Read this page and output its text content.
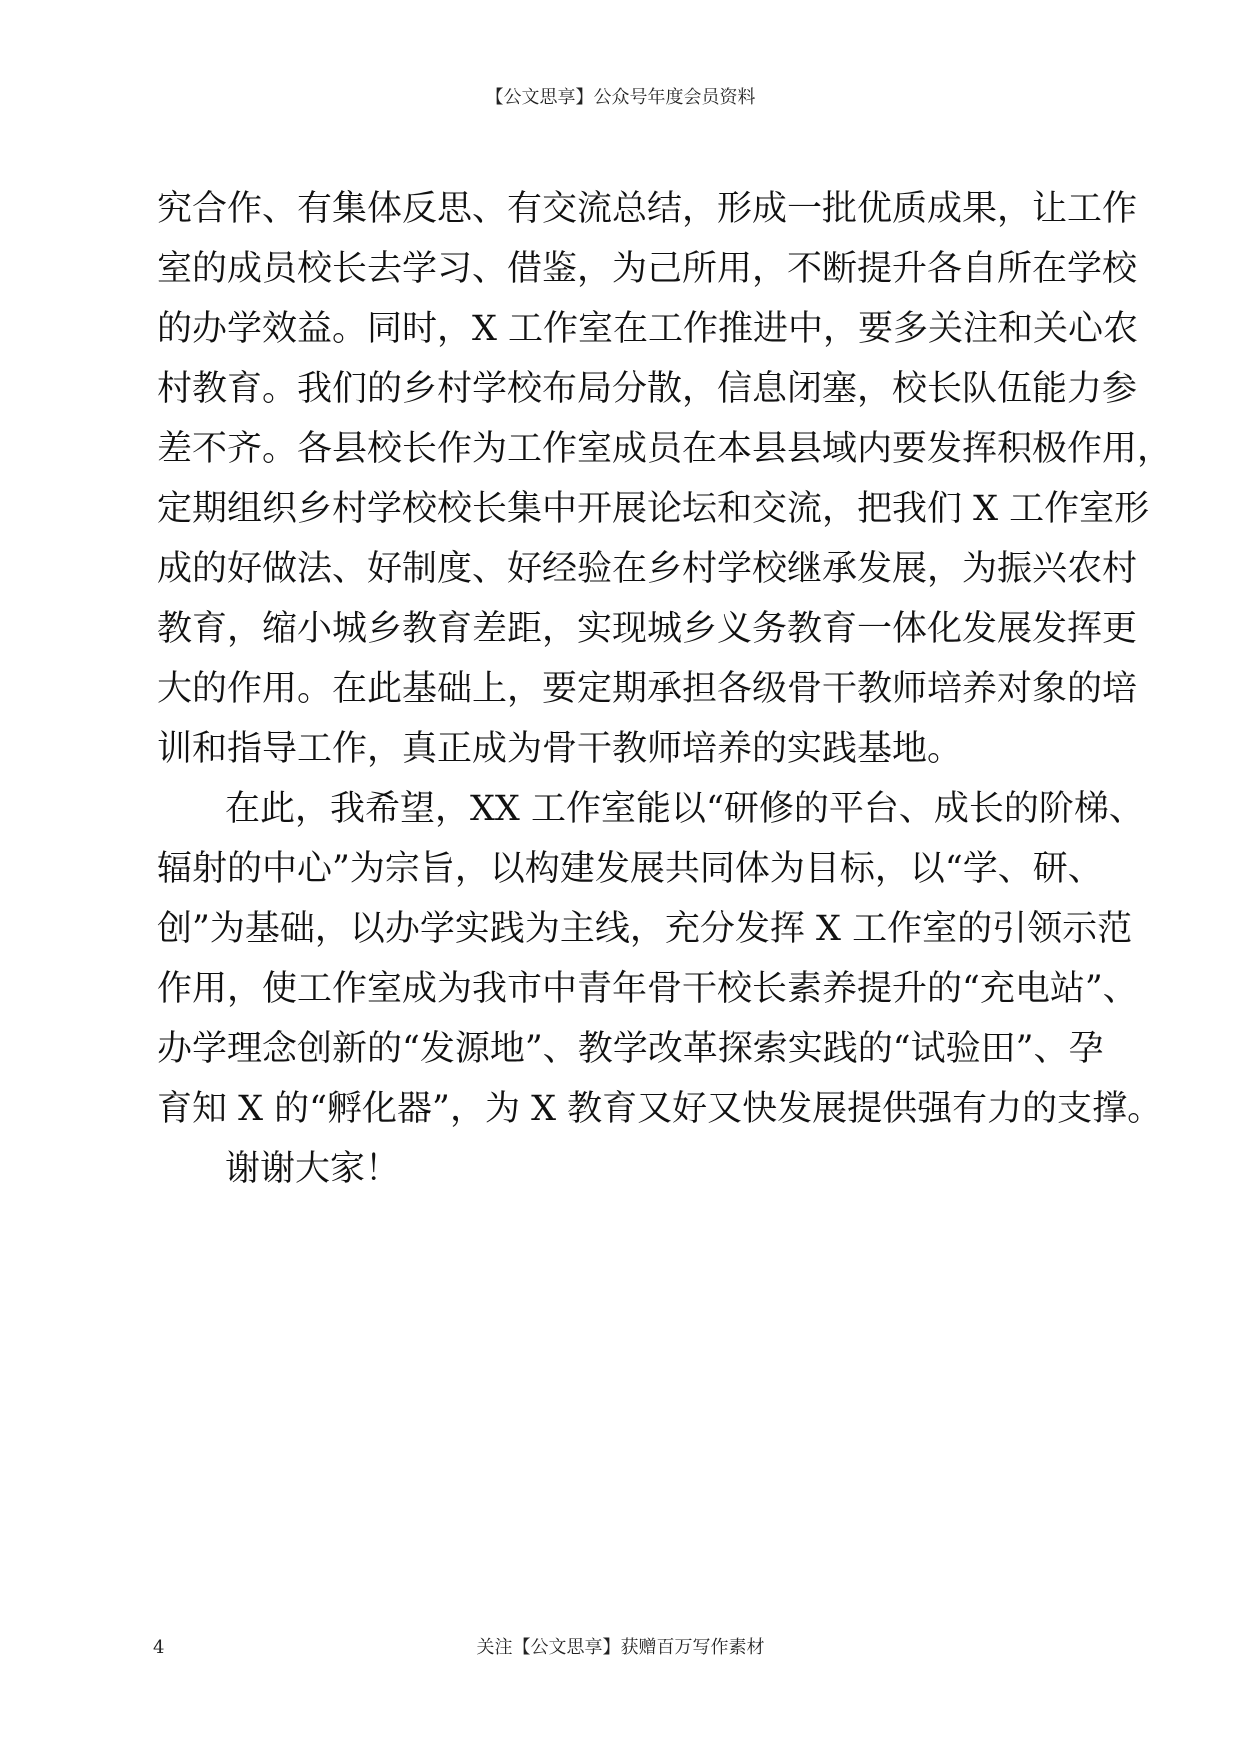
【公文思享】公众号年度会员资料
究合作、有集体反思、有交流总结，形成一批优质成果，让工作
室的成员校长去学习、借鉴，为己所用，不断提升各自所在学校
的办学效益。同时，X 工作室在工作推进中，要多关注和关心农
村教育。我们的乡村学校布局分散，信息闭塞，校长队伍能力参
差不齐。各县校长作为工作室成员在本县县域内要发挥积极作用，
定期组织乡村学校校长集中开展论坛和交流，把我们 X 工作室形
成的好做法、好制度、好经验在乡村学校继承发展，为振兴农村
教育，缩小城乡教育差距，实现城乡义务教育一体化发展发挥更
大的作用。在此基础上，要定期承担各级骨干教师培养对象的培
训和指导工作，真正成为骨干教师培养的实践基地。
在此，我希望，XX 工作室能以“研修的平台、成长的阶梯、
辐射的中心”为宗旨，以构建发展共同体为目标，以“学、研、
创”为基础，以办学实践为主线，充分发挥 X 工作室的引领示范
作用，使工作室成为我市中青年骨干校长素养提升的“充电站”、
办学理念创新的“发源地”、教学改革探索实践的“试验田”、孕
育知 X 的“孵化器”，为 X 教育又好又快发展提供强有力的支撑。
谢谢大家！
4	关注【公文思享】获赠百万写作素材
